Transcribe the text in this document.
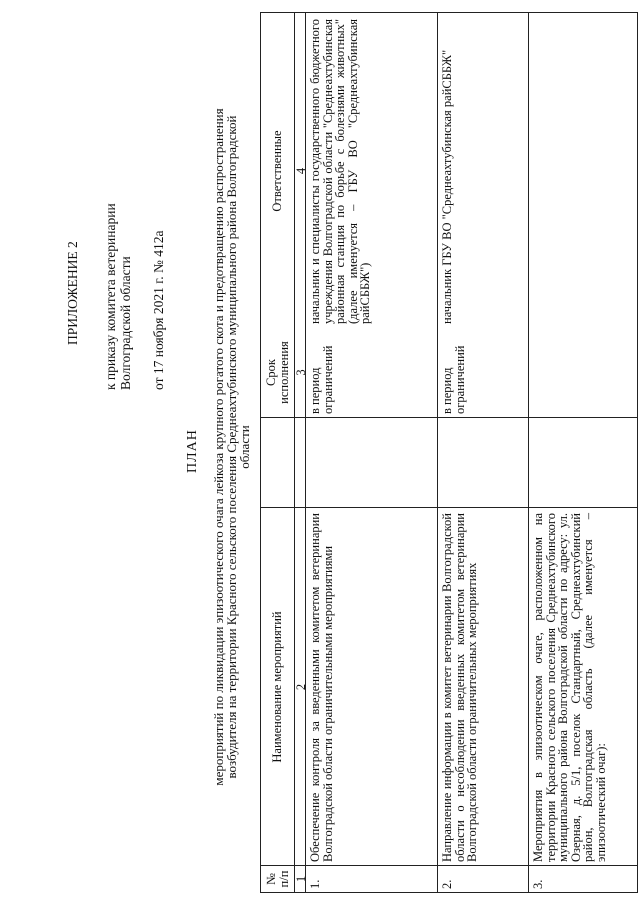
ПРИЛОЖЕНИЕ 2 к приказу комитета ветеринарии Волгоградской области от 17 ноября 2021 г. № 412а
ПЛАН мероприятий по ликвидации эпизоотического очага лейкоза крупного рогатого скота и предотвращению распространения возбудителя на территории Красного сельского поселения Среднеахтубинского муниципального района Волгоградской области
№ п/п
Наименование мероприятий
Срок исполнения
Ответственные
1
2
3
4
1.
Обеспечение контроля за введенными комитетом ветеринарии Волгоградской области ограничительными мероприятиями
в период ограничений
начальник и специалисты государственного бюджетного учреждения Волгоградской области "Среднеахтубинская районная станция по борьбе с болезнями животных" (далее именуется – ГБУ ВО "Среднеахтубинская райСББЖ")
2.
Направление информации в комитет ветеринарии Волгоградской области о несоблюдении введенных комитетом ветеринарии Волгоградской области ограничительных мероприятиях
в период ограничений
начальник ГБУ ВО "Среднеахтубинская райСББЖ"
3.
Мероприятия в эпизоотическом очаге, расположенном на территории Красного сельского поселения Среднеахтубинского муниципального района Волгоградской области по адресу: ул. Озерная, д. 5/1, поселок Стандартный, Среднеахтубинский район, Волгоградская область (далее именуется – эпизоотический очаг):
